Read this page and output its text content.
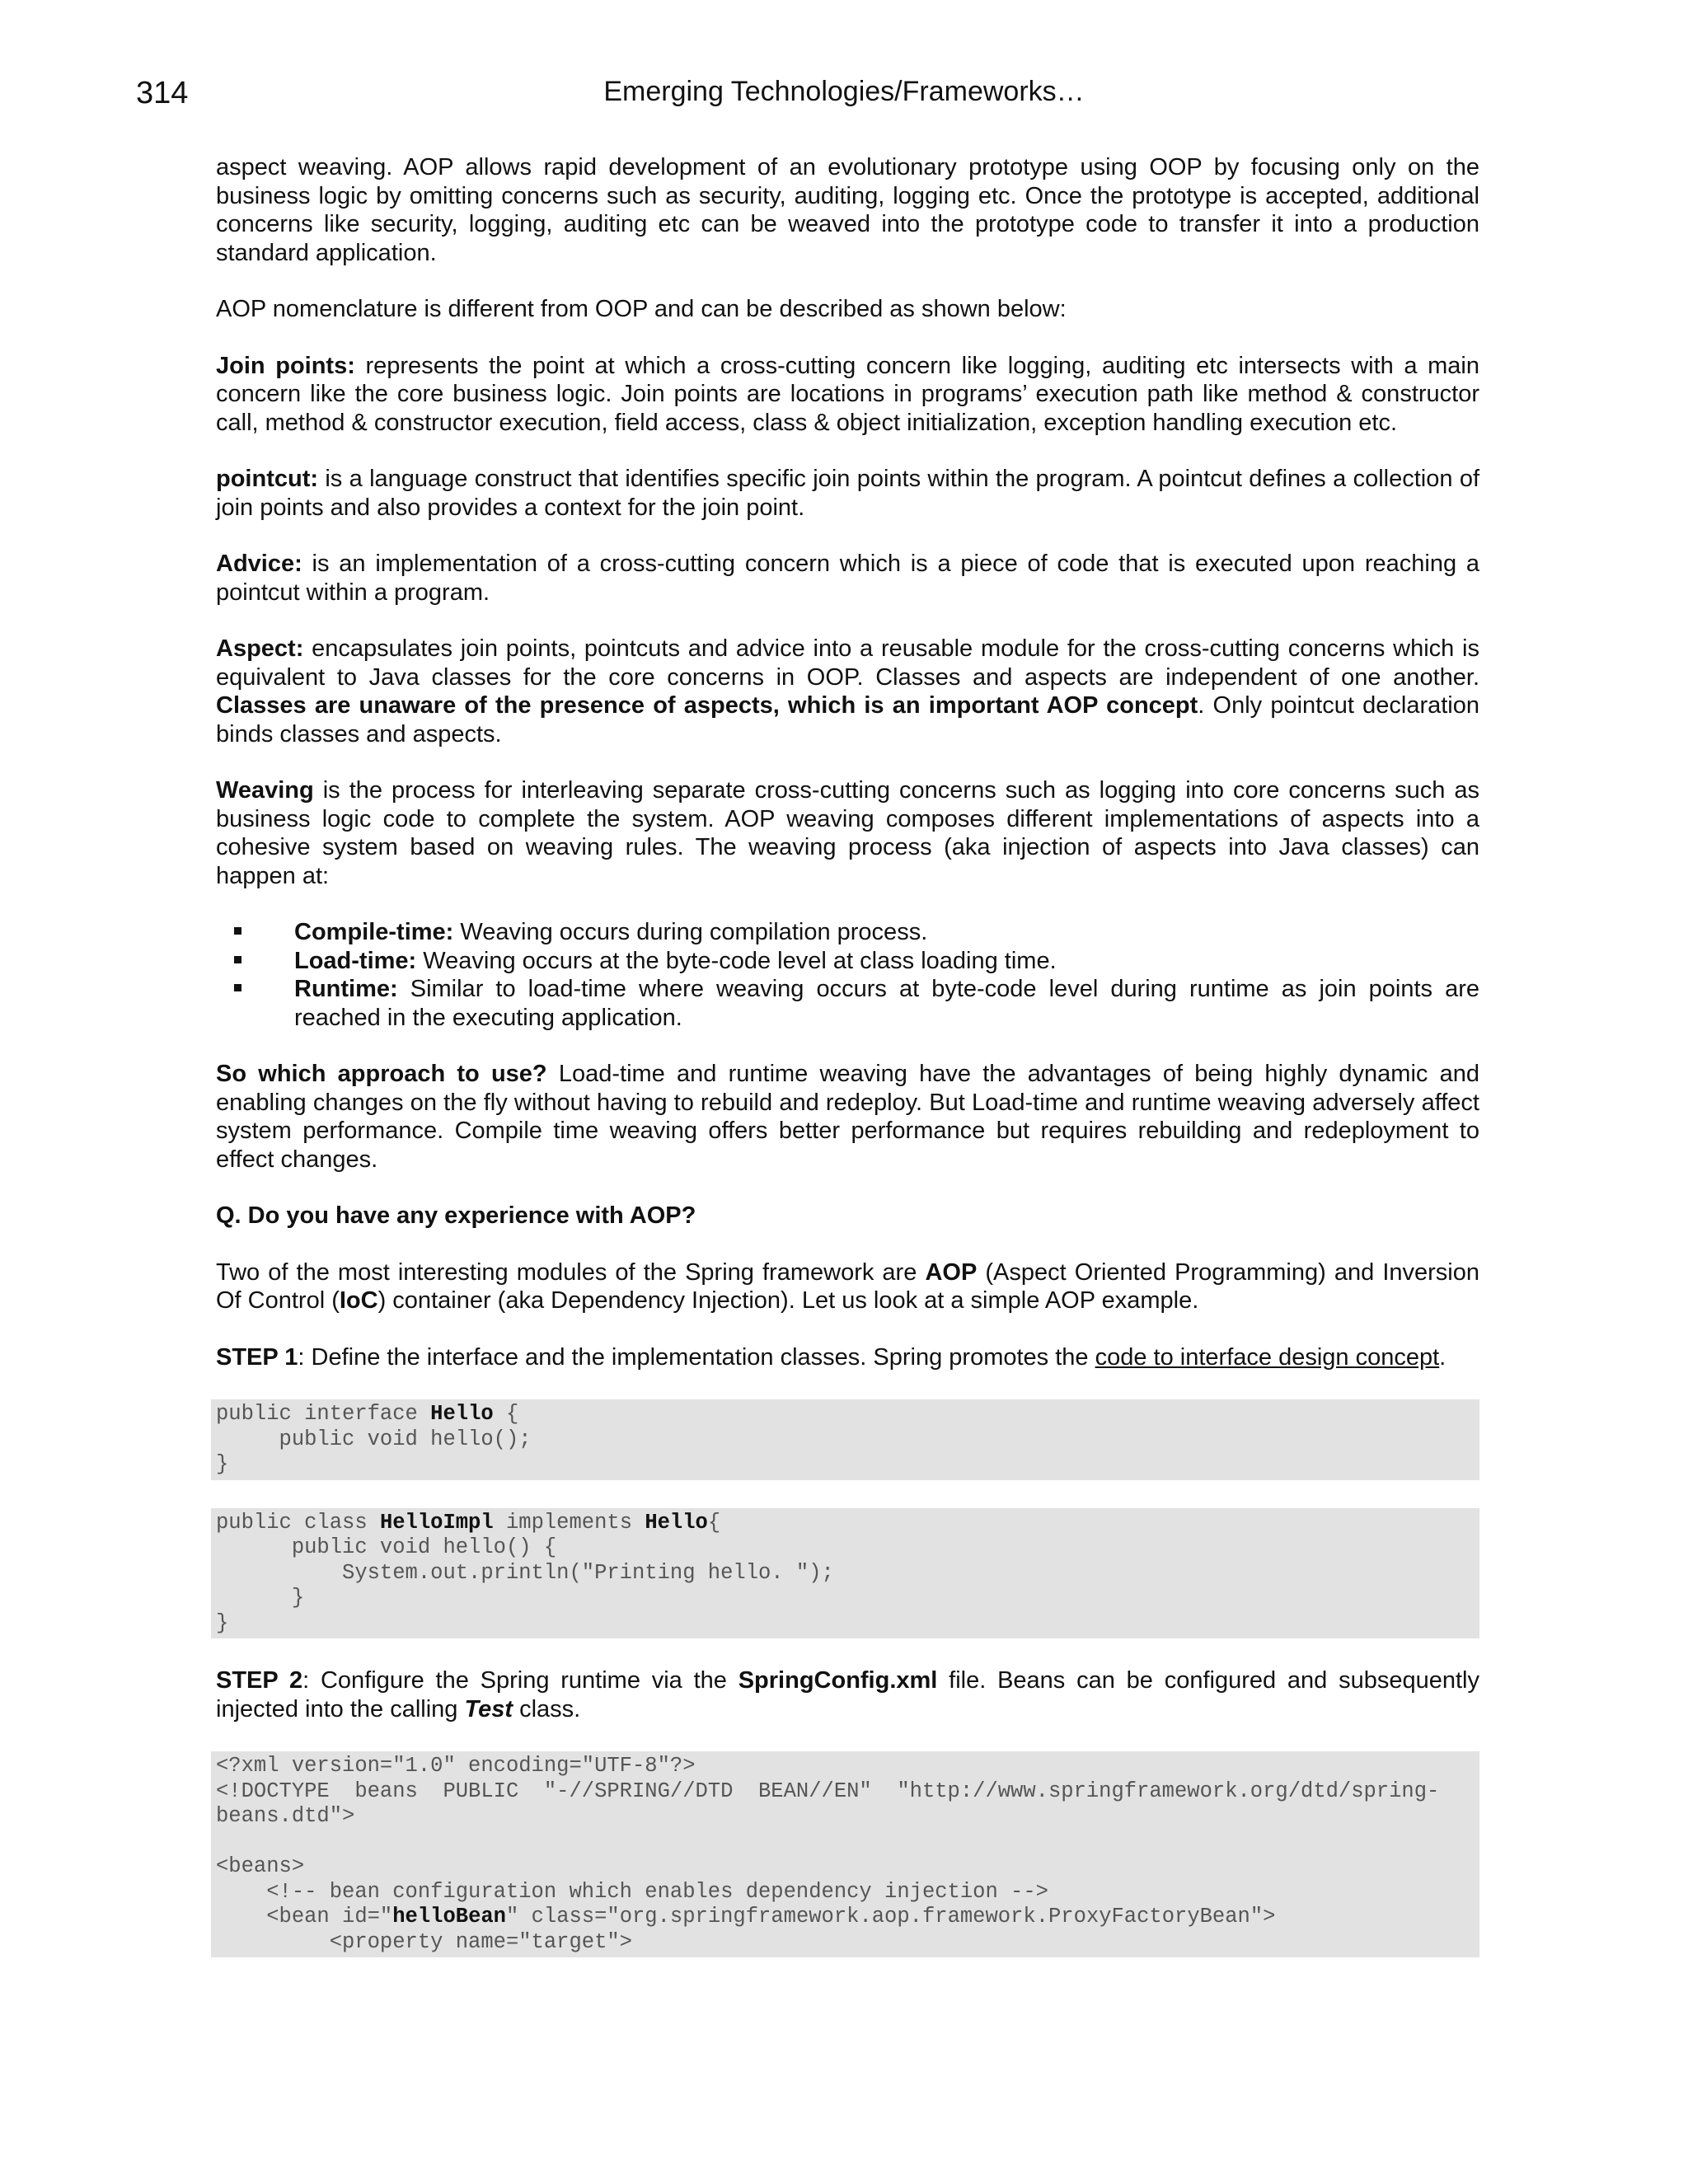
314	Emerging Technologies/Frameworks…

aspect weaving. AOP allows rapid development of an evolutionary prototype using OOP by focusing only on the business logic by omitting concerns such as security, auditing, logging etc. Once the prototype is accepted, additional concerns like security, logging, auditing etc can be weaved into the prototype code to transfer it into a production standard application.

AOP nomenclature is different from OOP and can be described as shown below:

Join points: represents the point at which a cross-cutting concern like logging, auditing etc intersects with a main concern like the core business logic. Join points are locations in programs’ execution path like method & constructor call, method & constructor execution, field access, class & object initialization, exception handling execution etc.

pointcut: is a language construct that identifies specific join points within the program. A pointcut defines a collection of join points and also provides a context for the join point.

Advice: is an implementation of a cross-cutting concern which is a piece of code that is executed upon reaching a pointcut within a program.

Aspect: encapsulates join points, pointcuts and advice into a reusable module for the cross-cutting concerns which is equivalent to Java classes for the core concerns in OOP. Classes and aspects are independent of one another. Classes are unaware of the presence of aspects, which is an important AOP concept. Only pointcut declaration binds classes and aspects.

Weaving is the process for interleaving separate cross-cutting concerns such as logging into core concerns such as business logic code to complete the system. AOP weaving composes different implementations of aspects into a cohesive system based on weaving rules. The weaving process (aka injection of aspects into Java classes) can happen at:

Compile-time: Weaving occurs during compilation process.
Load-time: Weaving occurs at the byte-code level at class loading time.
Runtime: Similar to load-time where weaving occurs at byte-code level during runtime as join points are reached in the executing application.

So which approach to use? Load-time and runtime weaving have the advantages of being highly dynamic and enabling changes on the fly without having to rebuild and redeploy. But Load-time and runtime weaving adversely affect system performance. Compile time weaving offers better performance but requires rebuilding and redeployment to effect changes.

Q. Do you have any experience with AOP?

Two of the most interesting modules of the Spring framework are AOP (Aspect Oriented Programming) and Inversion Of Control (IoC) container (aka Dependency Injection). Let us look at a simple AOP example.

STEP 1: Define the interface and the implementation classes. Spring promotes the code to interface design concept.

public interface Hello {
public void hello();
}
public class HelloImpl implements Hello{
public void hello() {
System.out.println("Printing hello. ");
}
}

STEP 2: Configure the Spring runtime via the SpringConfig.xml file. Beans can be configured and subsequently injected into the calling Test class.

<?xml version="1.0" encoding="UTF-8"?>
<!DOCTYPE  beans  PUBLIC  "-//SPRING//DTD  BEAN//EN"  "http://www.springframework.org/dtd/spring-
beans.dtd">
<beans>
<!-- bean configuration which enables dependency injection -->
<bean id="helloBean" class="org.springframework.aop.framework.ProxyFactoryBean">
<property name="target">
